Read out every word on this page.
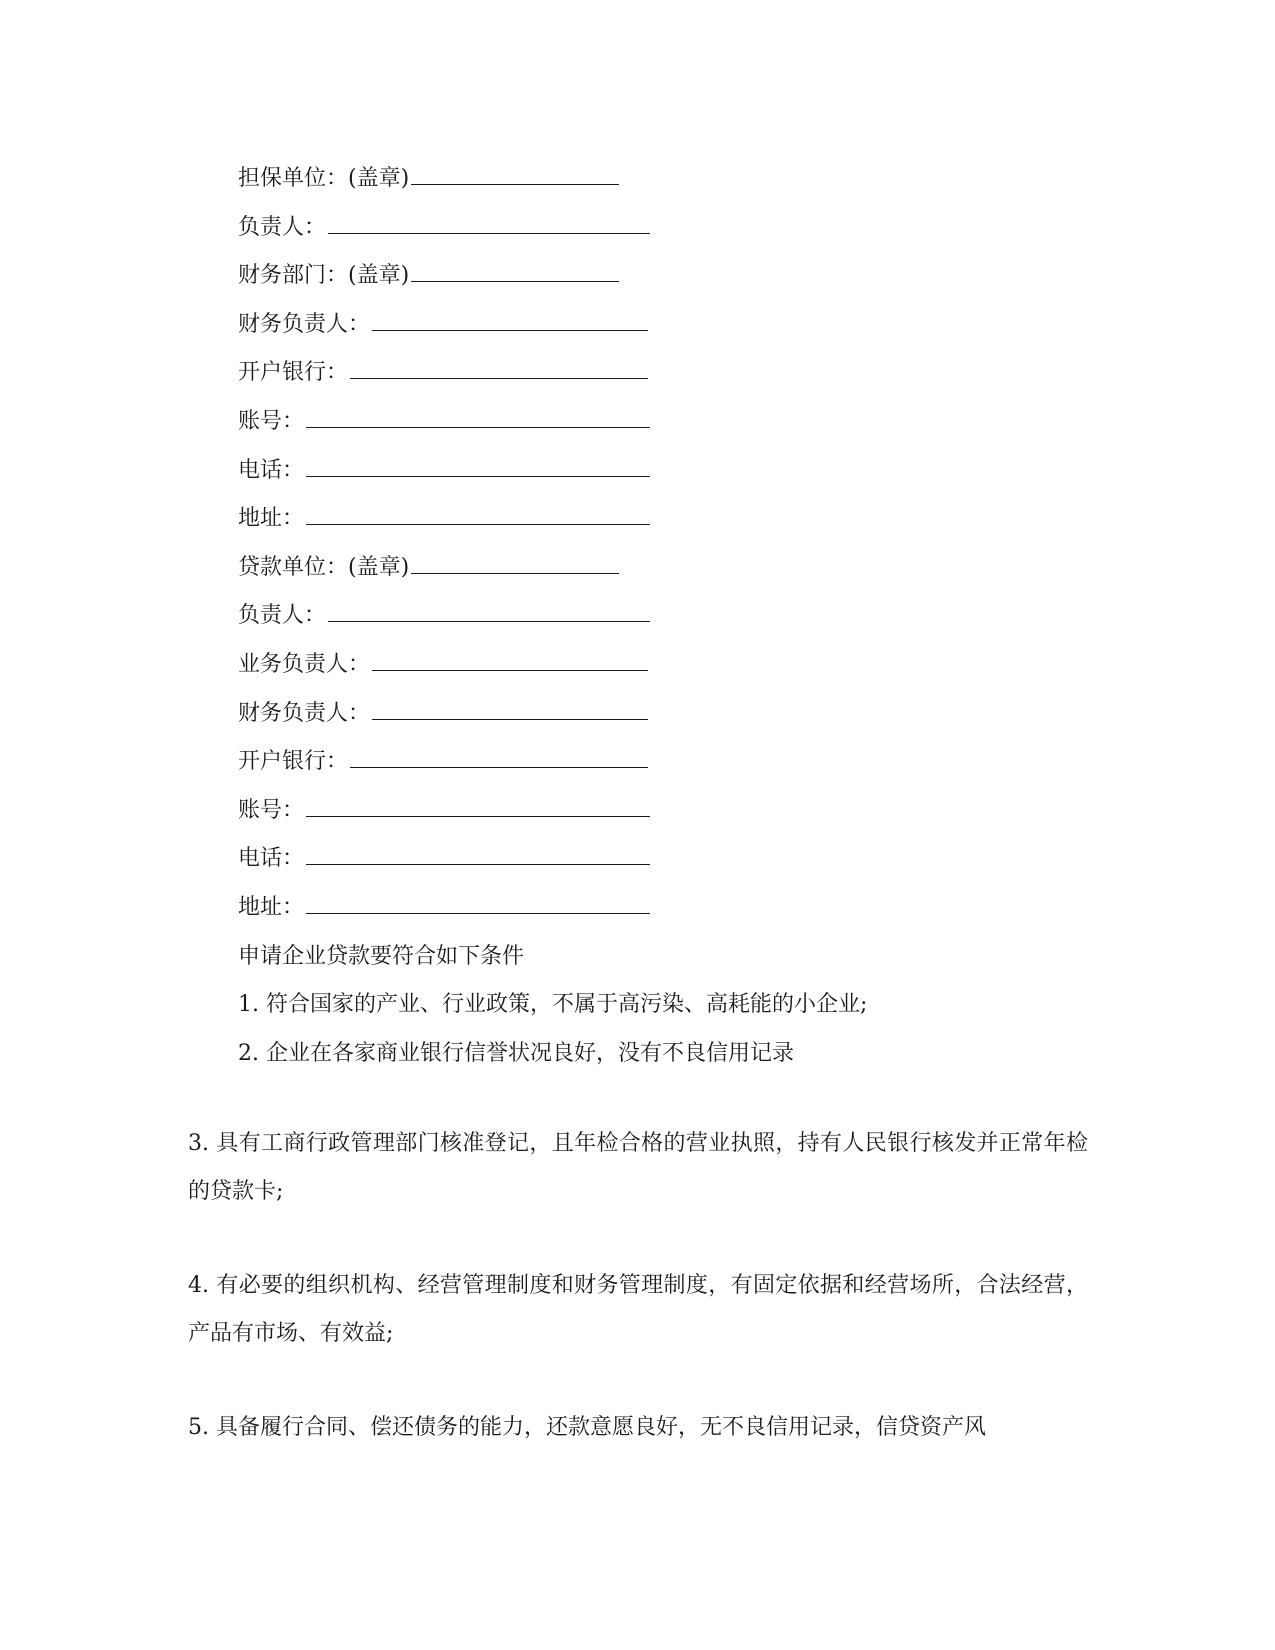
担保单位：(盖章)
负责人：
财务部门：(盖章)
财务负责人：
开户银行：
账号：
电话：
地址：
贷款单位：(盖章)
负责人：
业务负责人：
财务负责人：
开户银行：
账号：
电话：
地址：
申请企业贷款要符合如下条件
1. 符合国家的产业、行业政策，不属于高污染、高耗能的小企业;
2. 企业在各家商业银行信誉状况良好，没有不良信用记录
3. 具有工商行政管理部门核准登记，且年检合格的营业执照，持有人民银行核发并正常年检的贷款卡;
4. 有必要的组织机构、经营管理制度和财务管理制度，有固定依据和经营场所，合法经营，产品有市场、有效益;
5. 具备履行合同、偿还债务的能力，还款意愿良好，无不良信用记录，信贷资产风
